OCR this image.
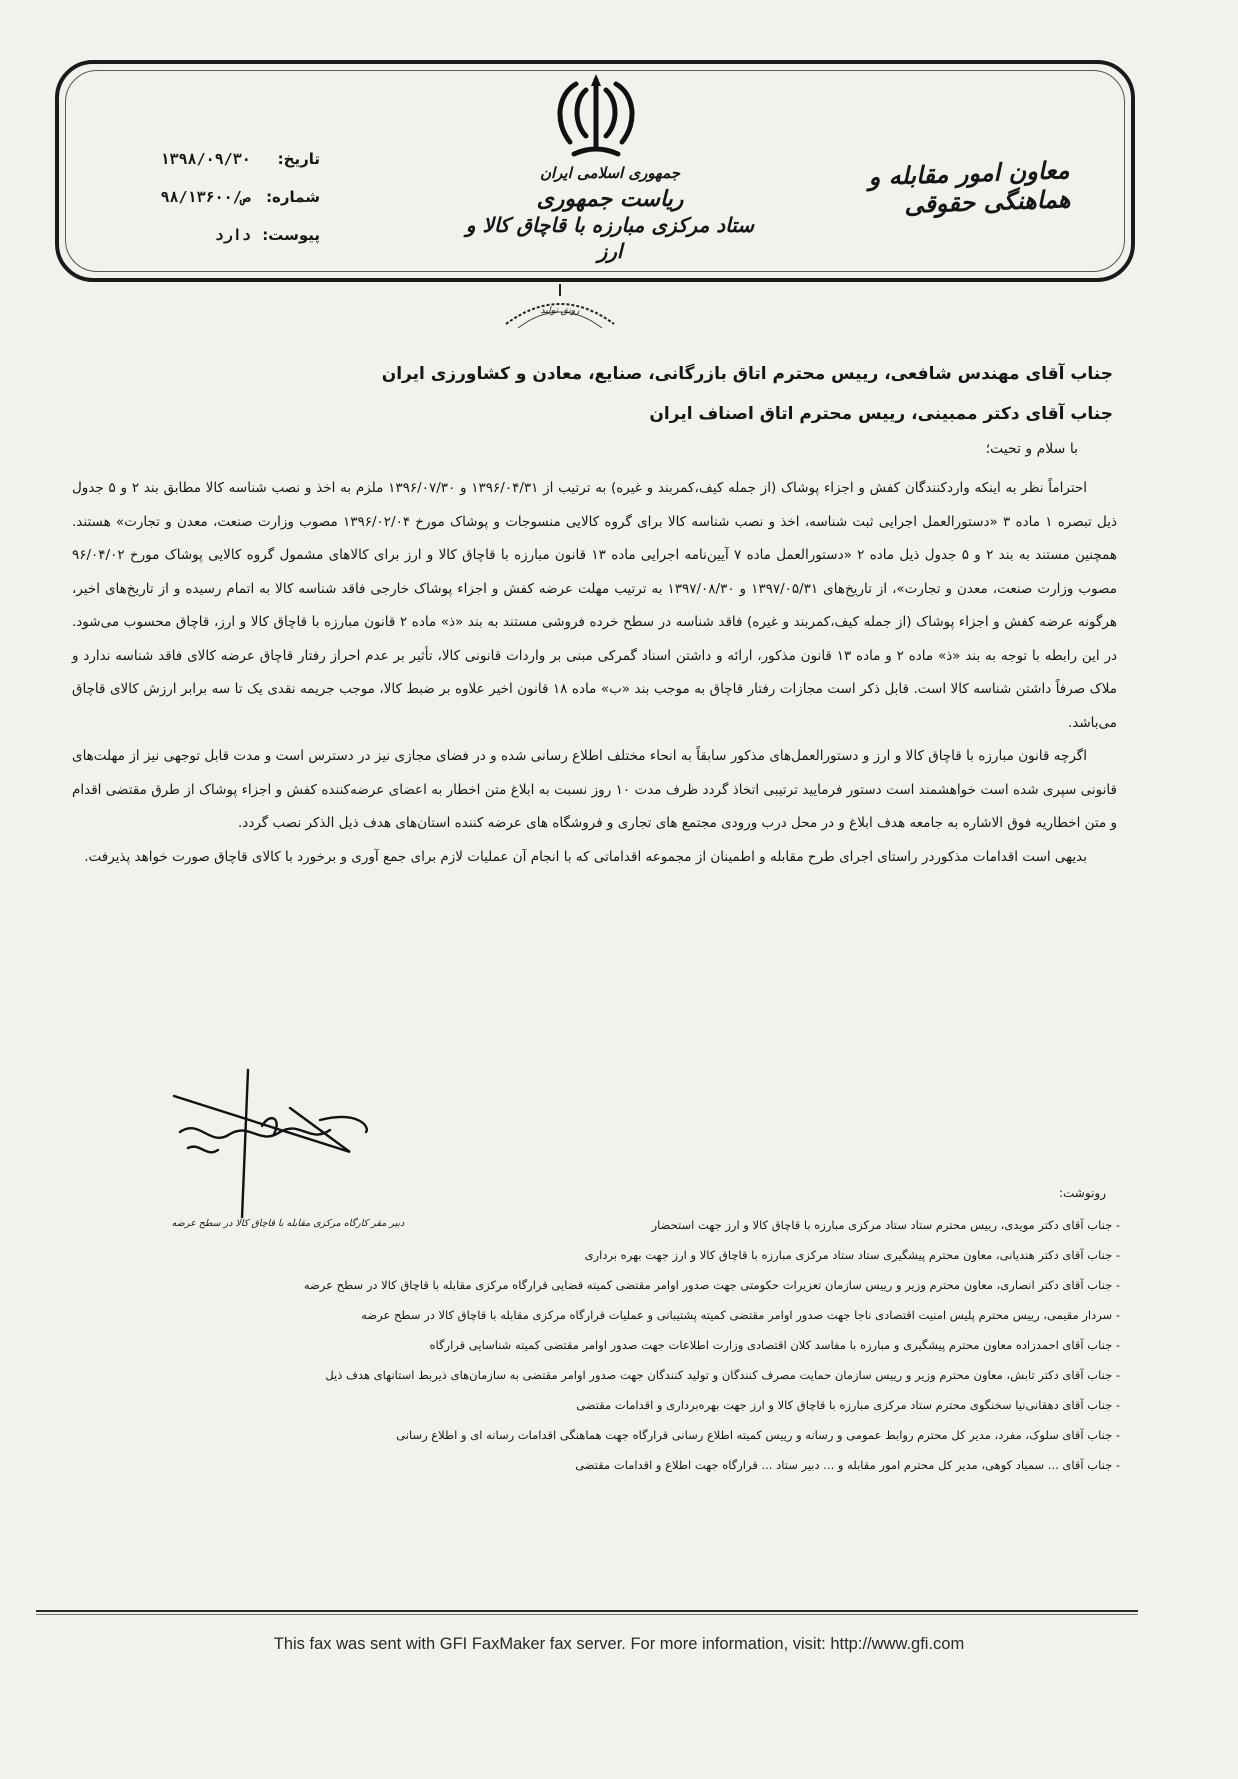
معاون امور مقابله و هماهنگی حقوقی
جمهوری اسلامی ایران
ریاست جمهوری
ستاد مرکزی مبارزه با قاچاق کالا و ارز
تاریخ: ۱۳۹۸/۰۹/۳۰
شماره: ۹۸/۱۳۶۰۰/ص
پیوست: دارد
رونق تولید
جناب آقای مهندس شافعی، رییس محترم اتاق بازرگانی، صنایع، معادن و کشاورزی ایران
جناب آقای دکتر ممبینی، رییس محترم اتاق اصناف ایران
با سلام و تحیت؛

احتراماً نظر به اینکه واردکنندگان کفش و اجزاء پوشاک (از جمله کیف،کمربند و غیره) به ترتیب از ۱۳۹۶/۰۴/۳۱ و ۱۳۹۶/۰۷/۳۰ ملزم به اخذ و نصب شناسه کالا مطابق بند ۲ و ۵ جدول ذیل تبصره ۱ ماده ۳ «دستورالعمل اجرایی ثبت شناسه، اخذ و نصب شناسه کالا برای گروه کالایی منسوجات و پوشاک مورخ ۱۳۹۶/۰۲/۰۴ مصوب وزارت صنعت، معدن و تجارت» هستند. همچنین مستند به بند ۲ و ۵ جدول ذیل ماده ۲ «دستورالعمل ماده ۷ آیین‌نامه اجرایی ماده ۱۳ قانون مبارزه با قاچاق کالا و ارز برای کالاهای مشمول گروه کالایی پوشاک مورخ ۹۶/۰۴/۰۲ مصوب وزارت صنعت، معدن و تجارت»، از تاریخ‌های ۱۳۹۷/۰۵/۳۱ و ۱۳۹۷/۰۸/۳۰ به ترتیب مهلت عرضه کفش و اجزاء پوشاک خارجی فاقد شناسه کالا به اتمام رسیده و از تاریخ‌های اخیر، هرگونه عرضه کفش و اجزاء پوشاک (از جمله کیف،کمربند و غیره) فاقد شناسه در سطح خرده فروشی مستند به بند «ذ» ماده ۲ قانون مبارزه با قاچاق کالا و ارز، قاچاق محسوب می‌شود. در این رابطه با توجه به بند «ذ» ماده ۲ و ماده ۱۳ قانون مذکور، ارائه و داشتن اسناد گمرکی مبنی بر واردات قانونی کالا، تأثیر بر عدم احراز رفتار قاچاق عرضه کالای فاقد شناسه ندارد و ملاک صرفاً داشتن شناسه کالا است. قابل ذکر است مجازات رفتار قاچاق به موجب بند «ب» ماده ۱۸ قانون اخیر علاوه بر ضبط کالا، موجب جریمه نقدی یک تا سه برابر ارزش کالای قاچاق می‌باشد.

اگرچه قانون مبارزه با قاچاق کالا و ارز و دستورالعمل‌های مذکور سابقاً به انحاء مختلف اطلاع رسانی شده و در فضای مجازی نیز در دسترس است و مدت قابل توجهی نیز از مهلت‌های قانونی سپری شده است خواهشمند است دستور فرمایید ترتیبی اتخاذ گردد ظرف مدت ۱۰ روز نسبت به ابلاغ متن اخطار به اعضای عرضه‌کننده کفش و اجزاء پوشاک از طرق مقتضی اقدام و متن اخطاریه فوق الاشاره به جامعه هدف ابلاغ و در محل درب ورودی مجتمع های تجاری و فروشگاه های عرضه کننده استان‌های هدف ذیل الذکر نصب گردد.

بدیهی است اقدامات مذکوردر راستای اجرای طرح مقابله و اطمینان از مجموعه اقداماتی که با انجام آن عملیات لازم برای جمع آوری و برخورد با کالای قاچاق صورت خواهد پذیرفت.

دبیر مقر کارگاه مرکزی مقابله با قاچاق کالا در سطح عرضه
رونوشت:
- جناب آقای دکتر مویدی، رییس محترم ستاد ستاد مرکزی مبارزه با قاچاق کالا و ارز جهت استحضار
- جناب آقای دکتر هندیانی، معاون محترم پیشگیری ستاد ستاد مرکزی مبارزه با قاچاق کالا و ارز جهت بهره برداری
- جناب آقای دکتر انصاری، معاون محترم وزیر و رییس سازمان تعزیرات حکومتی جهت صدور اوامر مقتضی کمیته قضایی قرارگاه مرکزی مقابله با قاچاق کالا در سطح عرضه
- سردار مقیمی، رییس محترم پلیس امنیت اقتصادی ناجا جهت صدور اوامر مقتضی کمیته پشتیبانی و عملیات قرارگاه مرکزی مقابله با قاچاق کالا در سطح عرضه
- جناب آقای احمدزاده معاون محترم پیشگیری و مبارزه با مفاسد کلان اقتصادی وزارت اطلاعات جهت صدور اوامر مقتضی کمیته شناسایی قرارگاه
- جناب آقای دکتر تابش، معاون محترم وزیر و رییس سازمان حمایت مصرف کنندگان و تولید کنندگان جهت صدور اوامر مقتضی به سازمان‌های ذیربط استانهای هدف ذیل
- جناب آقای دهقانی‌نیا سخنگوی محترم ستاد مرکزی مبارزه با قاچاق کالا و ارز جهت بهره‌برداری و اقدامات مقتضی
- جناب آقای سلوک، مفرد، مدیر کل محترم روابط عمومی و رسانه و رییس کمیته اطلاع رسانی قرارگاه جهت هماهنگی اقدامات رسانه ای و اطلاع رسانی
- جناب آقای ... سمیاد کوهی، مدیر کل محترم امور مقابله و ... دبیر ستاد ... قرارگاه جهت اطلاع و اقدامات مقتضی
This fax was sent with GFI FaxMaker fax server. For more information, visit: http://www.gfi.com
